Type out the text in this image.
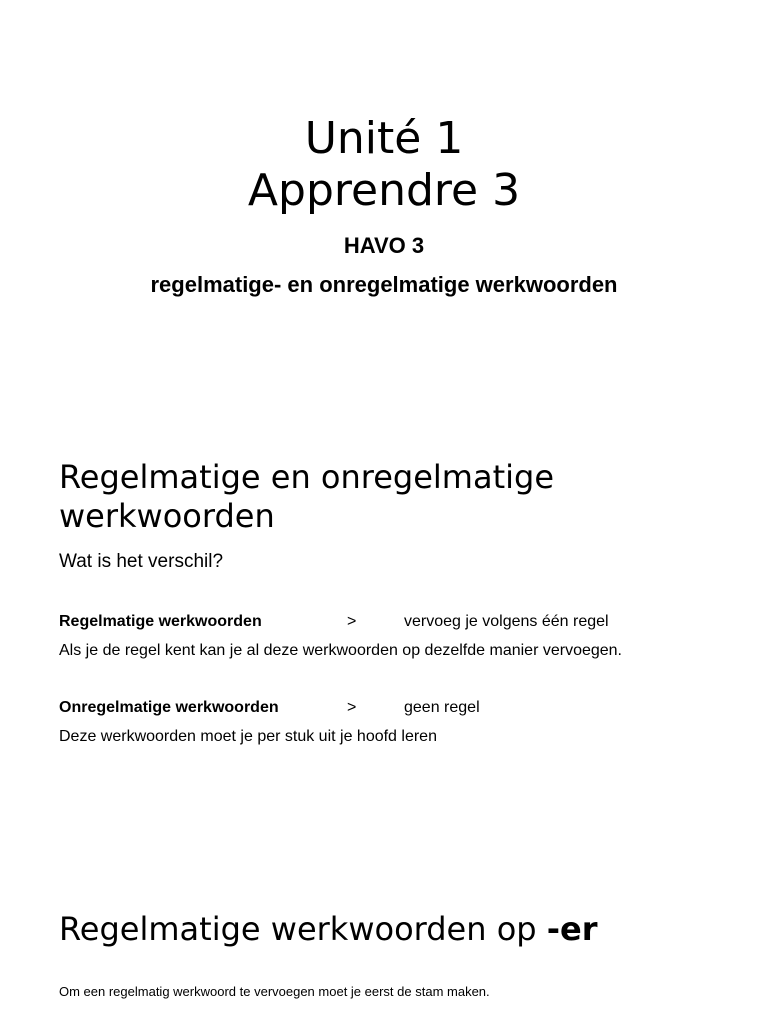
Unité 1
Apprendre 3

HAVO 3

regelmatige- en onregelmatige werkwoorden

Regelmatige en onregelmatige werkwoorden

Wat is het verschil?

Regelmatige werkwoorden	>	vervoeg je volgens één regel

Als je de regel kent kan je al deze werkwoorden op dezelfde manier vervoegen.

Onregelmatige werkwoorden	>	geen regel

Deze werkwoorden moet je per stuk uit je hoofd leren

Regelmatige werkwoorden op -er

Om een regelmatig werkwoord te vervoegen moet je eerst de stam maken.
